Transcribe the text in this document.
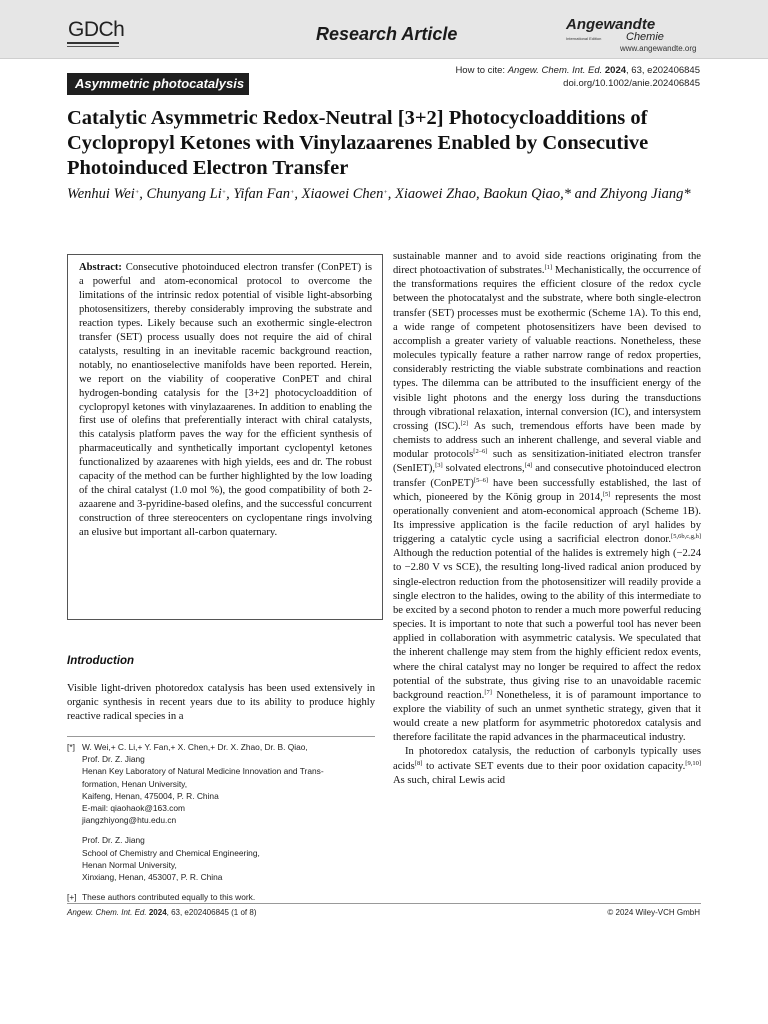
GDCh	Research Article	Angewandte
International Edition Chemie
www.angewandte.org
Asymmetric photocatalysis
How to cite: Angew. Chem. Int. Ed. 2024, 63, e202406845
doi.org/10.1002/anie.202406845
Catalytic Asymmetric Redox-Neutral [3+2] Photocycloadditions of Cyclopropyl Ketones with Vinylazaarenes Enabled by Consecutive Photoinduced Electron Transfer
Wenhui Wei+, Chunyang Li+, Yifan Fan+, Xiaowei Chen+, Xiaowei Zhao, Baokun Qiao,* and Zhiyong Jiang*
Abstract: Consecutive photoinduced electron transfer (ConPET) is a powerful and atom-economical protocol to overcome the limitations of the intrinsic redox potential of visible light-absorbing photosensitizers, thereby considerably improving the substrate and reaction types. Likely because such an exothermic single-electron transfer (SET) process usually does not require the aid of chiral catalysts, resulting in an inevitable racemic background reaction, notably, no enantioselective manifolds have been reported. Herein, we report on the viability of cooperative ConPET and chiral hydrogen-bonding catalysis for the [3+2] photocycloaddition of cyclopropyl ketones with vinylazaarenes. In addition to enabling the first use of olefins that preferentially interact with chiral catalysts, this catalysis platform paves the way for the efficient synthesis of pharmaceutically and synthetically important cyclopentyl ketones functionalized by azaarenes with high yields, ees and dr. The robust capacity of the method can be further highlighted by the low loading of the chiral catalyst (1.0 mol %), the good compatibility of both 2-azaarene and 3-pyridine-based olefins, and the successful concurrent construction of three stereocenters on cyclopentane rings involving an elusive but important all-carbon quaternary.
Introduction

Visible light-driven photoredox catalysis has been used extensively in organic synthesis in recent years due to its ability to produce highly reactive radical species in a

[*] W. Wei,+ C. Li,+ Y. Fan,+ X. Chen,+ Dr. X. Zhao, Dr. B. Qiao,
Prof. Dr. Z. Jiang
Henan Key Laboratory of Natural Medicine Innovation and Trans-
formation, Henan University,
Kaifeng, Henan, 475004, P. R. China
E-mail: qiaohaok@163.com
jiangzhiyong@htu.edu.cn
Prof. Dr. Z. Jiang
School of Chemistry and Chemical Engineering,
Henan Normal University,
Xinxiang, Henan, 453007, P. R. China
[+] These authors contributed equally to this work.

sustainable manner and to avoid side reactions originating from the direct photoactivation of substrates.[1] Mechanistically, the occurrence of the transformations requires the efficient closure of the redox cycle between the photocatalyst and the substrate, where both single-electron transfer (SET) processes must be exothermic (Scheme 1A). To this end, a wide range of competent photosensitizers have been devised to accomplish a greater variety of valuable reactions. Nonetheless, these molecules typically feature a rather narrow range of redox properties, considerably restricting the viable substrate combinations and reaction types. The dilemma can be attributed to the insufficient energy of the visible light photons and the energy loss during the transductions through vibrational relaxation, internal conversion (IC), and intersystem crossing (ISC).[2] As such, tremendous efforts have been made by chemists to address such an inherent challenge, and several viable and modular protocols[2–6] such as sensitization-initiated electron transfer (SenIET),[3] solvated electrons,[4] and consecutive photoinduced electron transfer (ConPET)[5–6] have been successfully established, the last of which, pioneered by the König group in 2014,[5] represents the most operationally convenient and atom-economical approach (Scheme 1B). Its impressive application is the facile reduction of aryl halides by triggering a catalytic cycle using a sacrificial electron donor.[5,6b,c,g,h] Although the reduction potential of the halides is extremely high (−2.24 to −2.80 V vs SCE), the resulting long-lived radical anion produced by single-electron reduction from the photosensitizer will readily provide a single electron to the halides, owing to the ability of this intermediate to be excited by a second photon to render a much more powerful reducing species. It is important to note that such a powerful tool has never been applied in collaboration with asymmetric catalysis. We speculated that the inherent challenge may stem from the highly efficient redox events, where the chiral catalyst may no longer be required to affect the redox potential of the substrate, thus giving rise to an unavoidable racemic background reaction.[7] Nonetheless, it is of paramount importance to explore the viability of such an unmet synthetic strategy, given that it would create a new platform for asymmetric photoredox catalysis and therefore facilitate the rapid advances in the pharmaceutical industry.

In photoredox catalysis, the reduction of carbonyls typically uses acids[8] to activate SET events due to their poor oxidation capacity.[9,10] As such, chiral Lewis acid

Angew. Chem. Int. Ed. 2024, 63, e202406845 (1 of 8)	© 2024 Wiley-VCH GmbH
